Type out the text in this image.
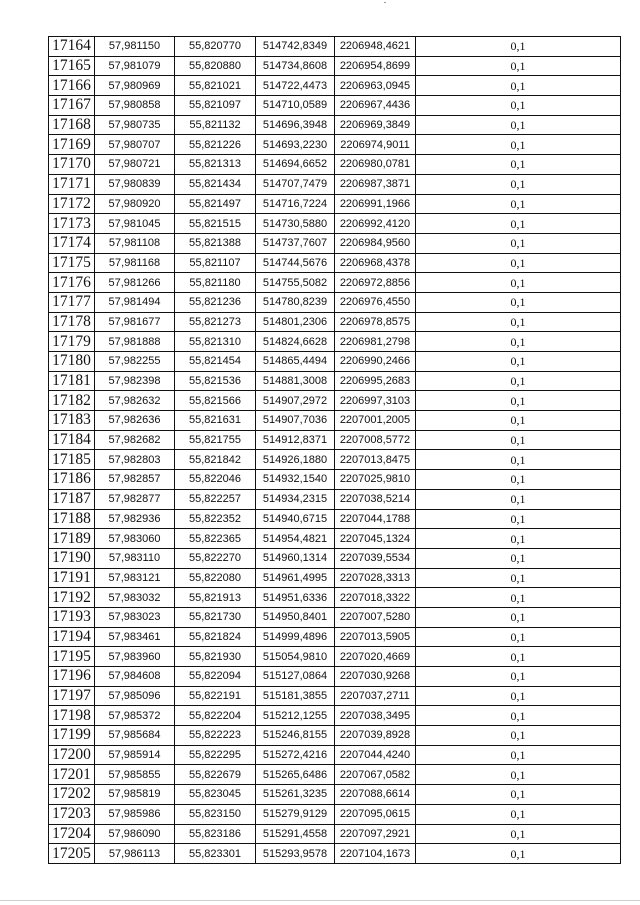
17164	57,981150	55,820770	514742,8349	2206948,4621	0,1
17165	57,981079	55,820880	514734,8608	2206954,8699	0,1
17166	57,980969	55,821021	514722,4473	2206963,0945	0,1
17167	57,980858	55,821097	514710,0589	2206967,4436	0,1
17168	57,980735	55,821132	514696,3948	2206969,3849	0,1
17169	57,980707	55,821226	514693,2230	2206974,9011	0,1
17170	57,980721	55,821313	514694,6652	2206980,0781	0,1
17171	57,980839	55,821434	514707,7479	2206987,3871	0,1
17172	57,980920	55,821497	514716,7224	2206991,1966	0,1
17173	57,981045	55,821515	514730,5880	2206992,4120	0,1
17174	57,981108	55,821388	514737,7607	2206984,9560	0,1
17175	57,981168	55,821107	514744,5676	2206968,4378	0,1
17176	57,981266	55,821180	514755,5082	2206972,8856	0,1
17177	57,981494	55,821236	514780,8239	2206976,4550	0,1
17178	57,981677	55,821273	514801,2306	2206978,8575	0,1
17179	57,981888	55,821310	514824,6628	2206981,2798	0,1
17180	57,982255	55,821454	514865,4494	2206990,2466	0,1
17181	57,982398	55,821536	514881,3008	2206995,2683	0,1
17182	57,982632	55,821566	514907,2972	2206997,3103	0,1
17183	57,982636	55,821631	514907,7036	2207001,2005	0,1
17184	57,982682	55,821755	514912,8371	2207008,5772	0,1
17185	57,982803	55,821842	514926,1880	2207013,8475	0,1
17186	57,982857	55,822046	514932,1540	2207025,9810	0,1
17187	57,982877	55,822257	514934,2315	2207038,5214	0,1
17188	57,982936	55,822352	514940,6715	2207044,1788	0,1
17189	57,983060	55,822365	514954,4821	2207045,1324	0,1
17190	57,983110	55,822270	514960,1314	2207039,5534	0,1
17191	57,983121	55,822080	514961,4995	2207028,3313	0,1
17192	57,983032	55,821913	514951,6336	2207018,3322	0,1
17193	57,983023	55,821730	514950,8401	2207007,5280	0,1
17194	57,983461	55,821824	514999,4896	2207013,5905	0,1
17195	57,983960	55,821930	515054,9810	2207020,4669	0,1
17196	57,984608	55,822094	515127,0864	2207030,9268	0,1
17197	57,985096	55,822191	515181,3855	2207037,2711	0,1
17198	57,985372	55,822204	515212,1255	2207038,3495	0,1
17199	57,985684	55,822223	515246,8155	2207039,8928	0,1
17200	57,985914	55,822295	515272,4216	2207044,4240	0,1
17201	57,985855	55,822679	515265,6486	2207067,0582	0,1
17202	57,985819	55,823045	515261,3235	2207088,6614	0,1
17203	57,985986	55,823150	515279,9129	2207095,0615	0,1
17204	57,986090	55,823186	515291,4558	2207097,2921	0,1
17205	57,986113	55,823301	515293,9578	2207104,1673	0,1
